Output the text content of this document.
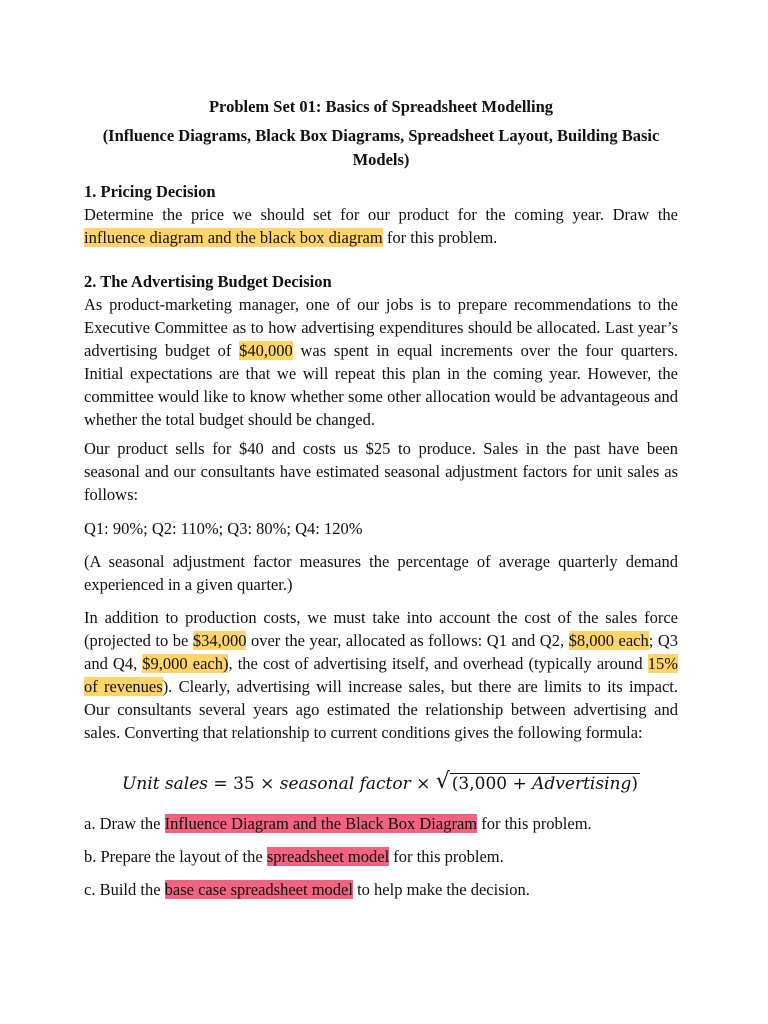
Problem Set 01: Basics of Spreadsheet Modelling
(Influence Diagrams, Black Box Diagrams, Spreadsheet Layout, Building Basic Models)
1. Pricing Decision

Determine the price we should set for our product for the coming year. Draw the influence diagram and the black box diagram for this problem.

2. The Advertising Budget Decision

As product-marketing manager, one of our jobs is to prepare recommendations to the Executive Committee as to how advertising expenditures should be allocated. Last year’s advertising budget of $40,000 was spent in equal increments over the four quarters. Initial expectations are that we will repeat this plan in the coming year. However, the committee would like to know whether some other allocation would be advantageous and whether the total budget should be changed.

Our product sells for $40 and costs us $25 to produce. Sales in the past have been seasonal and our consultants have estimated seasonal adjustment factors for unit sales as follows:

Q1: 90%; Q2: 110%; Q3: 80%; Q4: 120%

(A seasonal adjustment factor measures the percentage of average quarterly demand experienced in a given quarter.)

In addition to production costs, we must take into account the cost of the sales force (projected to be $34,000 over the year, allocated as follows: Q1 and Q2, $8,000 each; Q3 and Q4, $9,000 each), the cost of advertising itself, and overhead (typically around 15% of revenues). Clearly, advertising will increase sales, but there are limits to its impact. Our consultants several years ago estimated the relationship between advertising and sales. Converting that relationship to current conditions gives the following formula:

Unit sales = 35 × seasonal factor × √ (3,000 + Advertising)

a. Draw the Influence Diagram and the Black Box Diagram for this problem.

b. Prepare the layout of the spreadsheet model for this problem.

c. Build the base case spreadsheet model to help make the decision.
